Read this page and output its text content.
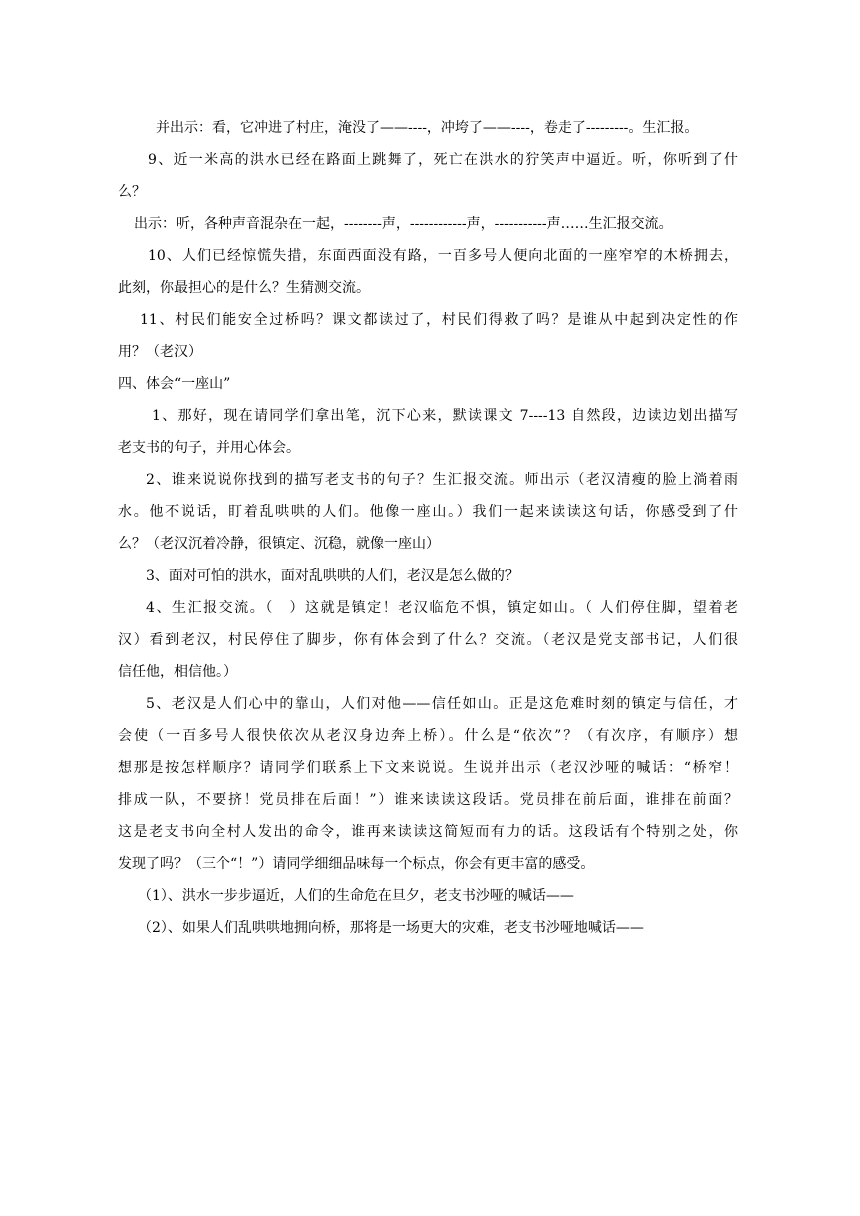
并出示：看，它冲进了村庄，淹没了——----，冲垮了——----，卷走了---------。生汇报。
9、近一米高的洪水已经在路面上跳舞了，死亡在洪水的狞笑声中逼近。听，你听到了什
么？
出示：听，各种声音混杂在一起，--------声，------------声，-----------声……生汇报交流。
10、人们已经惊慌失措，东面西面没有路，一百多号人便向北面的一座窄窄的木桥拥去，
此刻，你最担心的是什么？生猜测交流。
11、村民们能安全过桥吗？课文都读过了，村民们得救了吗？是谁从中起到决定性的作
用？（老汉）
四、体会“一座山”
1、那好，现在请同学们拿出笔，沉下心来，默读课文 7----13 自然段，边读边划出描写
老支书的句子，并用心体会。
2、谁来说说你找到的描写老支书的句子？生汇报交流。师出示（老汉清瘦的脸上淌着雨
水。他不说话，盯着乱哄哄的人们。他像一座山。）我们一起来读读这句话，你感受到了什
么？（老汉沉着冷静，很镇定、沉稳，就像一座山）
3、面对可怕的洪水，面对乱哄哄的人们，老汉是怎么做的？
4、生汇报交流。（　）这就是镇定！老汉临危不惧，镇定如山。（ 人们停住脚，望着老
汉）看到老汉，村民停住了脚步，你有体会到了什么？交流。（老汉是党支部书记，人们很
信任他，相信他。）
5、老汉是人们心中的靠山，人们对他——信任如山。正是这危难时刻的镇定与信任，才
会使（一百多号人很快依次从老汉身边奔上桥）。什么是“依次”？（有次序，有顺序）想
想那是按怎样顺序？请同学们联系上下文来说说。生说并出示（老汉沙哑的喊话：“桥窄！
排成一队，不要挤！党员排在后面！”）谁来读读这段话。党员排在前后面，谁排在前面？
这是老支书向全村人发出的命令，谁再来读读这简短而有力的话。这段话有个特别之处，你
发现了吗？（三个“！”）请同学细细品味每一个标点，你会有更丰富的感受。
（1）、洪水一步步逼近，人们的生命危在旦夕，老支书沙哑的喊话——
（2）、如果人们乱哄哄地拥向桥，那将是一场更大的灾难，老支书沙哑地喊话——
